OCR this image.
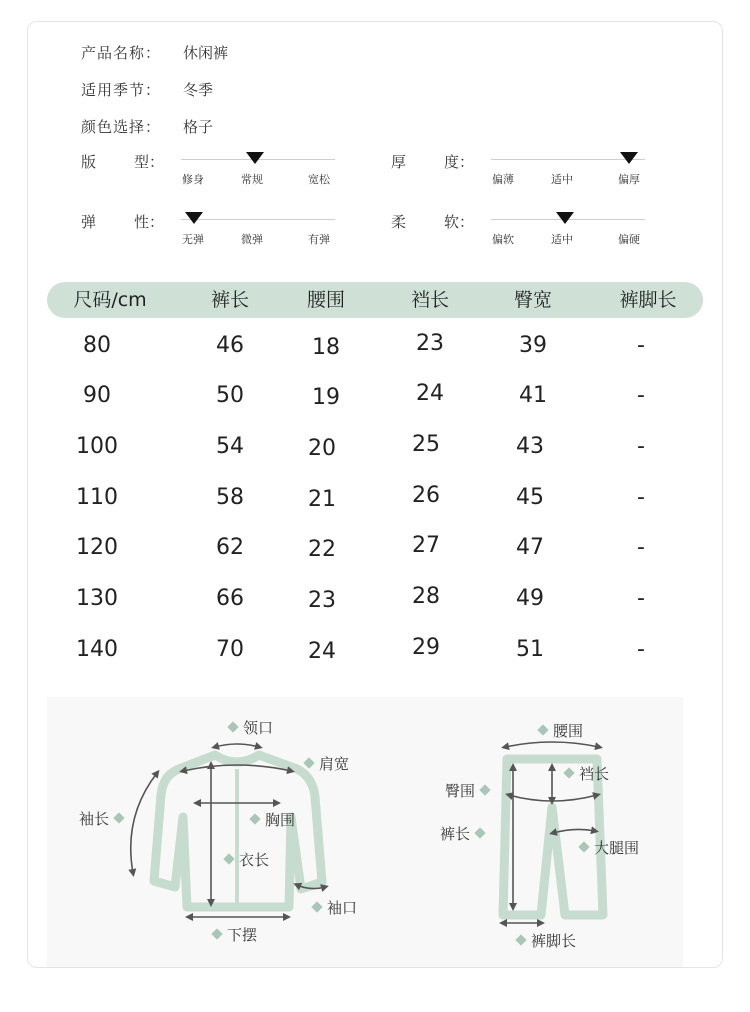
产品名称： 休闲裤
适用季节： 冬季
颜色选择： 格子
版	型：
修身	常规	宽松
厚	度：
偏薄	适中	偏厚
弹	性：
无弹	微弹	有弹
柔	软：
偏软	适中	偏硬
尺码/cm	裤长	腰围	裆长	臀宽	裤脚长
80	46	18	23	39	-
90	50	19	24	41	-
100	54	20	25	43	-
110	58	21	26	45	-
120	62	22	27	47	-
130	66	23	28	49	-
140	70	24	29	51	-
领口
肩宽
袖长	胸围
衣长
袖口
下摆
腰围
臀围
裆长
裤长
大腿围
裤脚长
